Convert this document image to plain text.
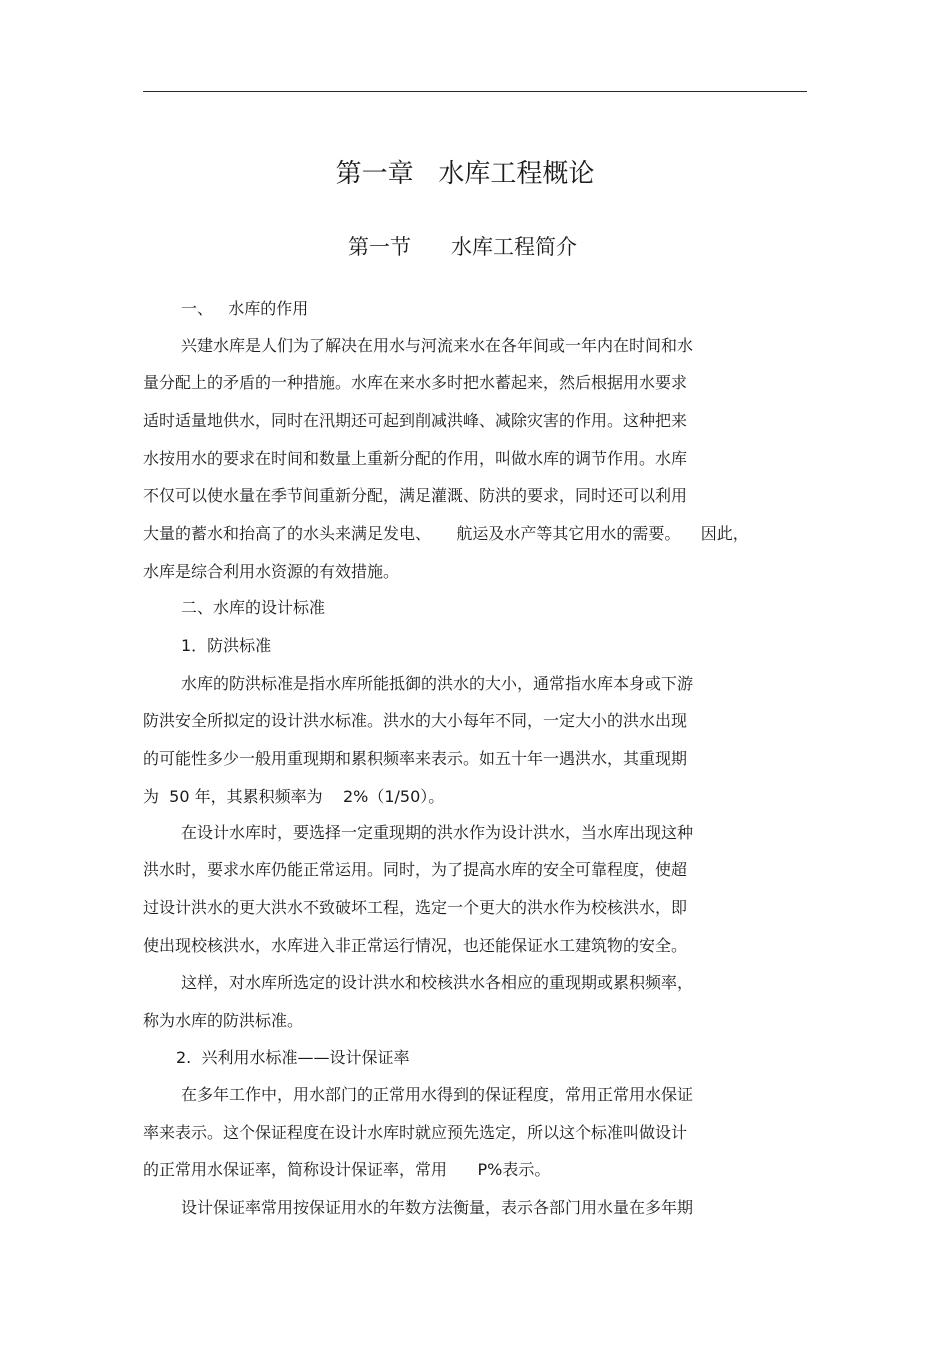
第一章   水库工程概论
第一节      水库工程简介
一、   水库的作用
兴建水库是人们为了解决在用水与河流来水在各年间或一年内在时间和水
量分配上的矛盾的一种措施。水库在来水多时把水蓄起来，然后根据用水要求
适时适量地供水，同时在汛期还可起到削减洪峰、减除灾害的作用。这种把来
水按用水的要求在时间和数量上重新分配的作用，叫做水库的调节作用。水库
不仅可以使水量在季节间重新分配，满足灌溉、防洪的要求，同时还可以利用
大量的蓄水和抬高了的水头来满足发电、     航运及水产等其它用水的需要。    因此，
水库是综合利用水资源的有效措施。
二、水库的设计标准
1．防洪标准
水库的防洪标准是指水库所能抵御的洪水的大小，通常指水库本身或下游
防洪安全所拟定的设计洪水标准。洪水的大小每年不同，一定大小的洪水出现
的可能性多少一般用重现期和累积频率来表示。如五十年一遇洪水，其重现期
为  50 年，其累积频率为    2%（1/50）。
在设计水库时，要选择一定重现期的洪水作为设计洪水，当水库出现这种
洪水时，要求水库仍能正常运用。同时，为了提高水库的安全可靠程度，使超
过设计洪水的更大洪水不致破坏工程，选定一个更大的洪水作为校核洪水，即
使出现校核洪水，水库进入非正常运行情况，也还能保证水工建筑物的安全。
这样，对水库所选定的设计洪水和校核洪水各相应的重现期或累积频率，
称为水库的防洪标准。
2.  兴利用水标准——设计保证率
在多年工作中，用水部门的正常用水得到的保证程度，常用正常用水保证
率来表示。这个保证程度在设计水库时就应预先选定，所以这个标准叫做设计
的正常用水保证率，简称设计保证率，常用      P%表示。
设计保证率常用按保证用水的年数方法衡量，表示各部门用水量在多年期
